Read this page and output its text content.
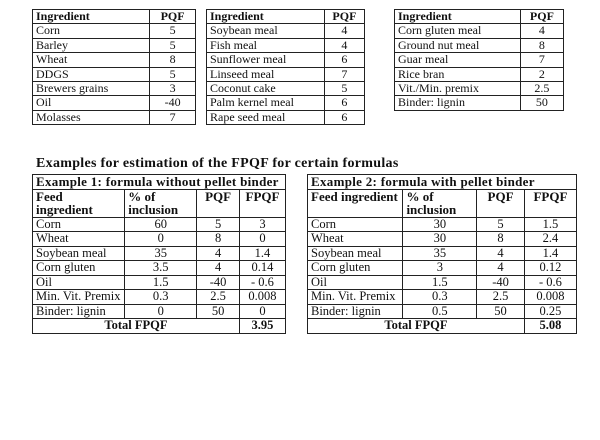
Ingredient	PQF
Corn	5
Barley	5
Wheat	8
DDGS	5
Brewers grains	3
Oil	-40
Molasses	7
Ingredient	PQF
Soybean meal	4
Fish meal	4
Sunflower meal	6
Linseed meal	7
Coconut cake	5
Palm kernel meal	6
Rape seed meal	6
Ingredient	PQF
Corn gluten meal	4
Ground nut meal	8
Guar meal	7
Rice bran	2
Vit./Min. premix	2.5
Binder: lignin	50
Examples for estimation of the FPQF for certain formulas
Example 1: formula without pellet binder			
Feed ingredient	% of inclusion	PQF	FPQF
Corn	60	5	3
Wheat	0	8	0
Soybean meal	35	4	1.4
Corn gluten	3.5	4	0.14
Oil	1.5	-40	- 0.6
Min. Vit. Premix	0.3	2.5	0.008
Binder: lignin	0	50	0
Total FPQF			3.95
Example 2: formula with pellet binder			
Feed ingredient	% of inclusion	PQF	FPQF
Corn	30	5	1.5
Wheat	30	8	2.4
Soybean meal	35	4	1.4
Corn gluten	3	4	0.12
Oil	1.5	-40	- 0.6
Min. Vit. Premix	0.3	2.5	0.008
Binder: lignin	0.5	50	0.25
Total FPQF			5.08
